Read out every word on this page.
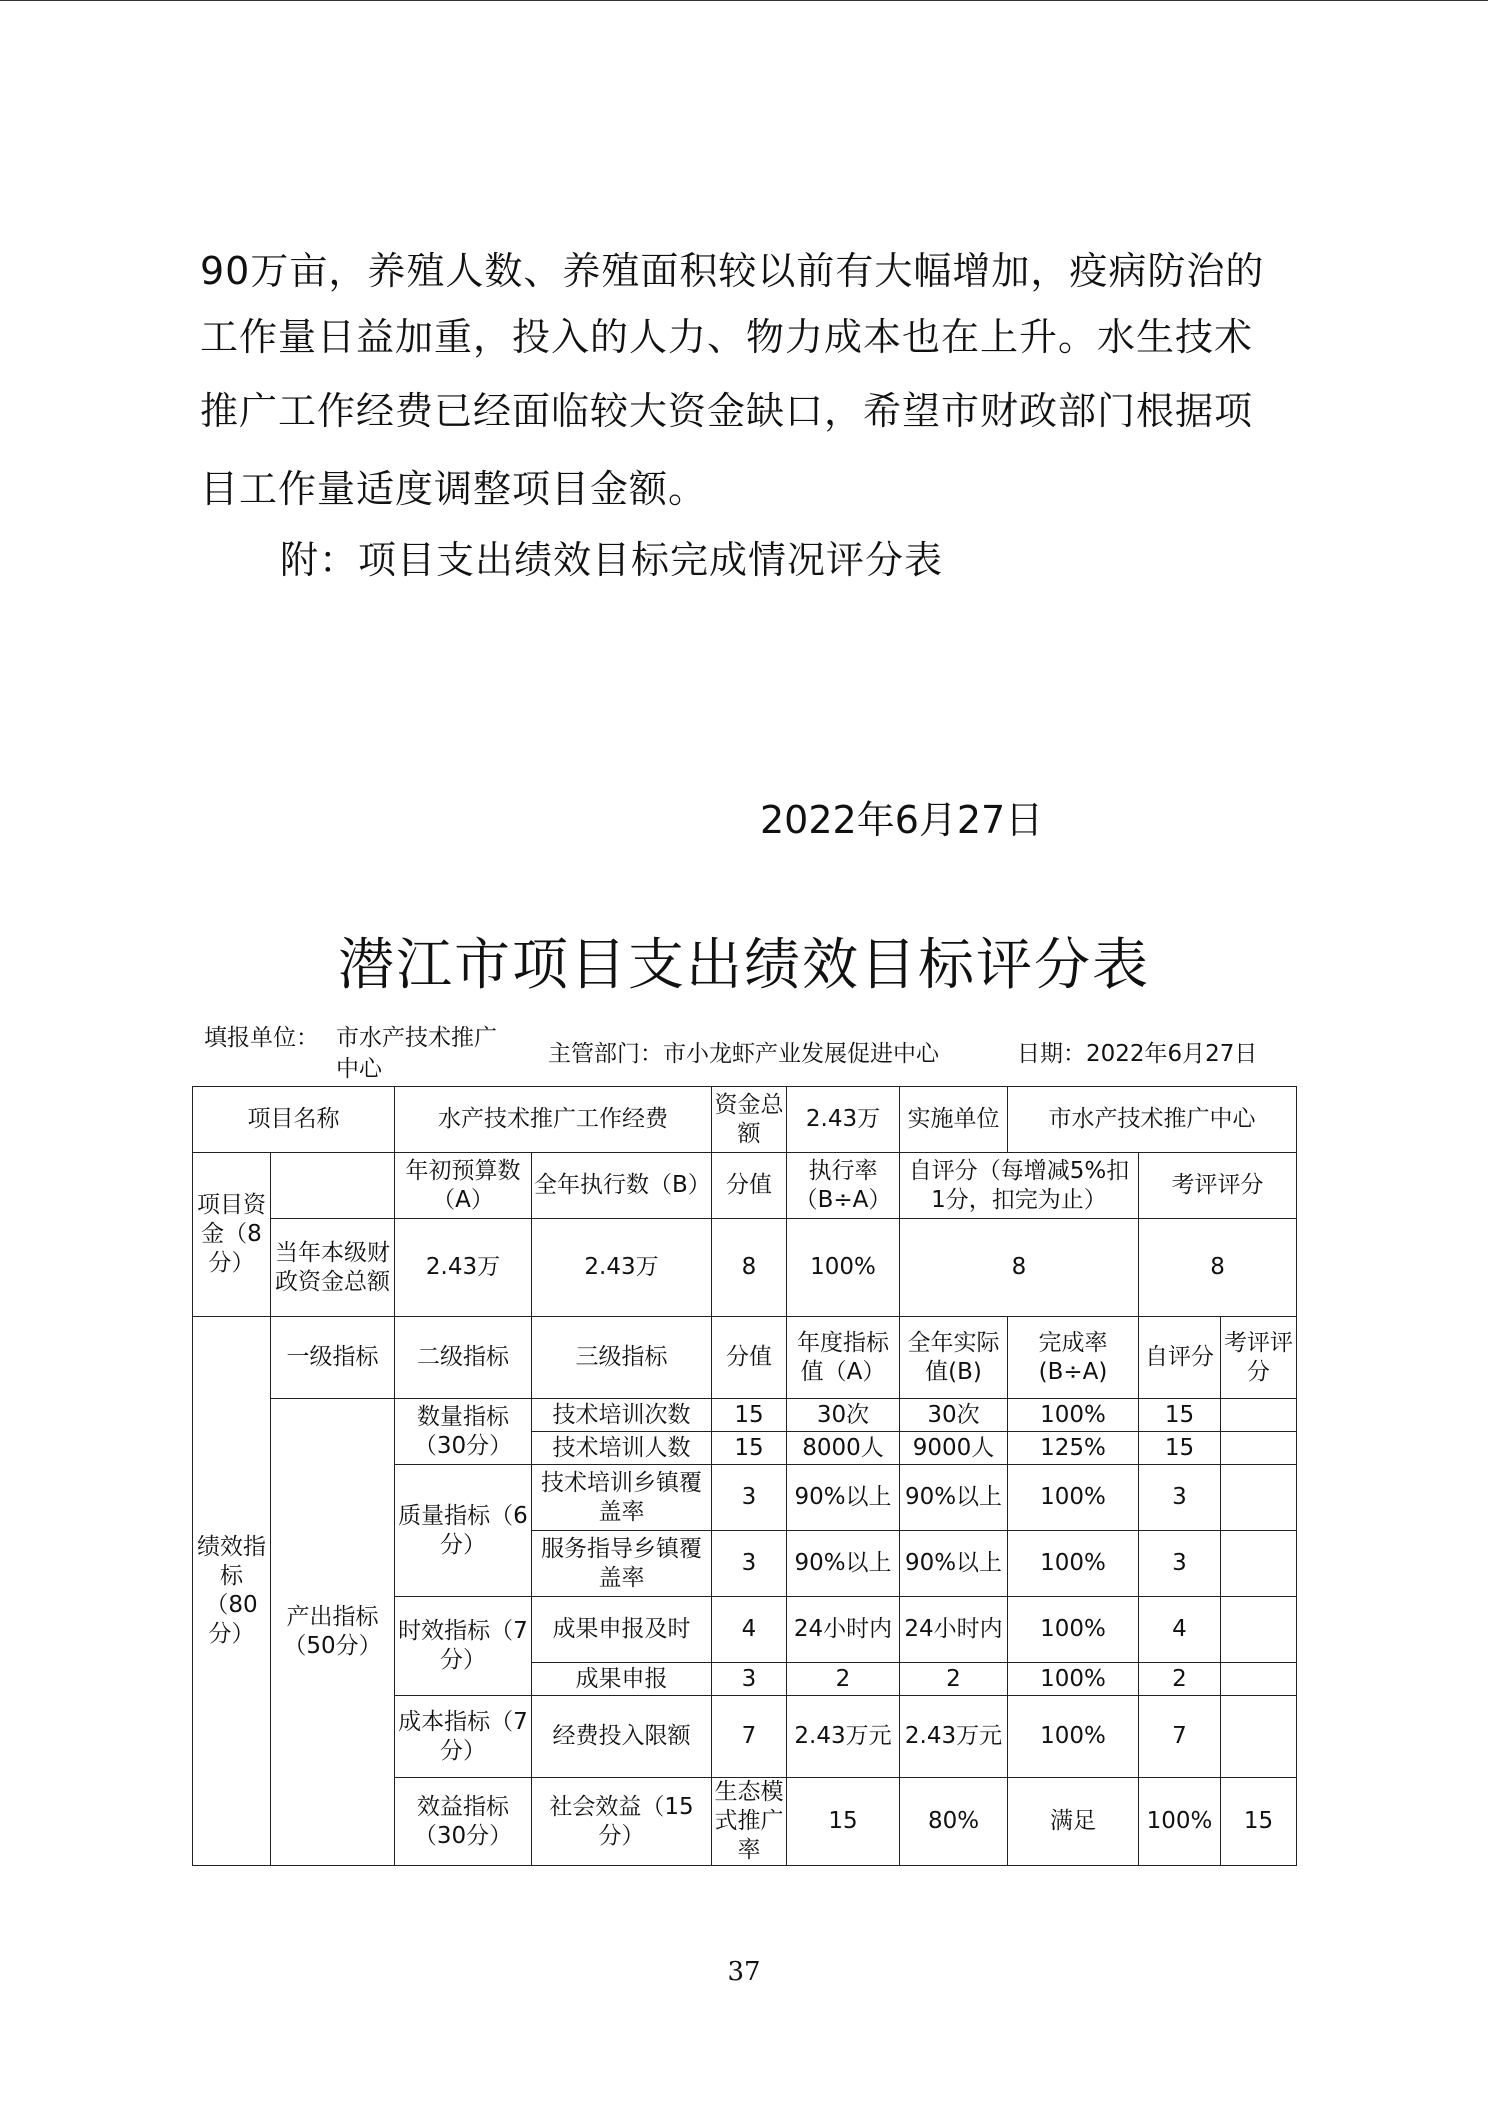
90万亩，养殖人数、养殖面积较以前有大幅增加，疫病防治的
工作量日益加重，投入的人力、物力成本也在上升。水生技术
推广工作经费已经面临较大资金缺口，希望市财政部门根据项
目工作量适度调整项目金额。
附：项目支出绩效目标完成情况评分表
2022年6月27日
潜江市项目支出绩效目标评分表
填报单位： 市水产技术推广
中心
主管部门：市小龙虾产业发展促进中心	日期：2022年6月27日
项目名称		水产技术推广工作经费		资金总额	2.43万	实施单位	市水产技术推广中心			
项目资金（8分）		年初预算数（A）	全年执行数（B）	分值	执行率（B÷A）	自评分（每增减5%扣1分，扣完为止）		考评评分		
	当年本级财政资金总额	2.43万	2.43万	8	100%	8		8		
绩效指标（80分）	一级指标	二级指标	三级指标	分值	年度指标值（A）	全年实际值(B)	完成率(B÷A)	自评分	考评评分	
	产出指标（50分）	数量指标（30分）	技术培训次数	15	30次	30次	100%	15		
			技术培训人数	15	8000人	9000人	125%	15		
		质量指标（6分）	技术培训乡镇覆盖率	3	90%以上	90%以上	100%	3		
			服务指导乡镇覆盖率	3	90%以上	90%以上	100%	3		
		时效指标（7分）	成果申报及时	4	24小时内	24小时内	100%	4		
			成果申报	3	2	2	100%	2		
		成本指标（7分）	经费投入限额	7	2.43万元	2.43万元	100%	7		
		效益指标（30分）	社会效益（15分）	生态模式推广率	15	80%	满足	100%	15	
37
